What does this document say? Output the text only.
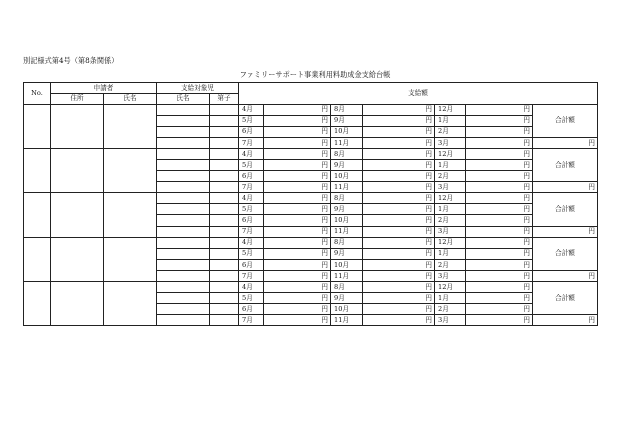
別記様式第4号（第8条関係）
ファミリーサポート事業利用料助成金支給台帳
No.	申請者		支給対象児		支給額						
	住所	氏名	氏名	第子							
					4月	円	8月	円	12月	円	合計額
					5月	円	9月	円	1月	円	
					6月	円	10月	円	2月	円	
					7月	円	11月	円	3月	円	円
					4月	円	8月	円	12月	円	合計額
					5月	円	9月	円	1月	円	
					6月	円	10月	円	2月	円	
					7月	円	11月	円	3月	円	円
					4月	円	8月	円	12月	円	合計額
					5月	円	9月	円	1月	円	
					6月	円	10月	円	2月	円	
					7月	円	11月	円	3月	円	円
					4月	円	8月	円	12月	円	合計額
					5月	円	9月	円	1月	円	
					6月	円	10月	円	2月	円	
					7月	円	11月	円	3月	円	円
					4月	円	8月	円	12月	円	合計額
					5月	円	9月	円	1月	円	
					6月	円	10月	円	2月	円	
					7月	円	11月	円	3月	円	円
